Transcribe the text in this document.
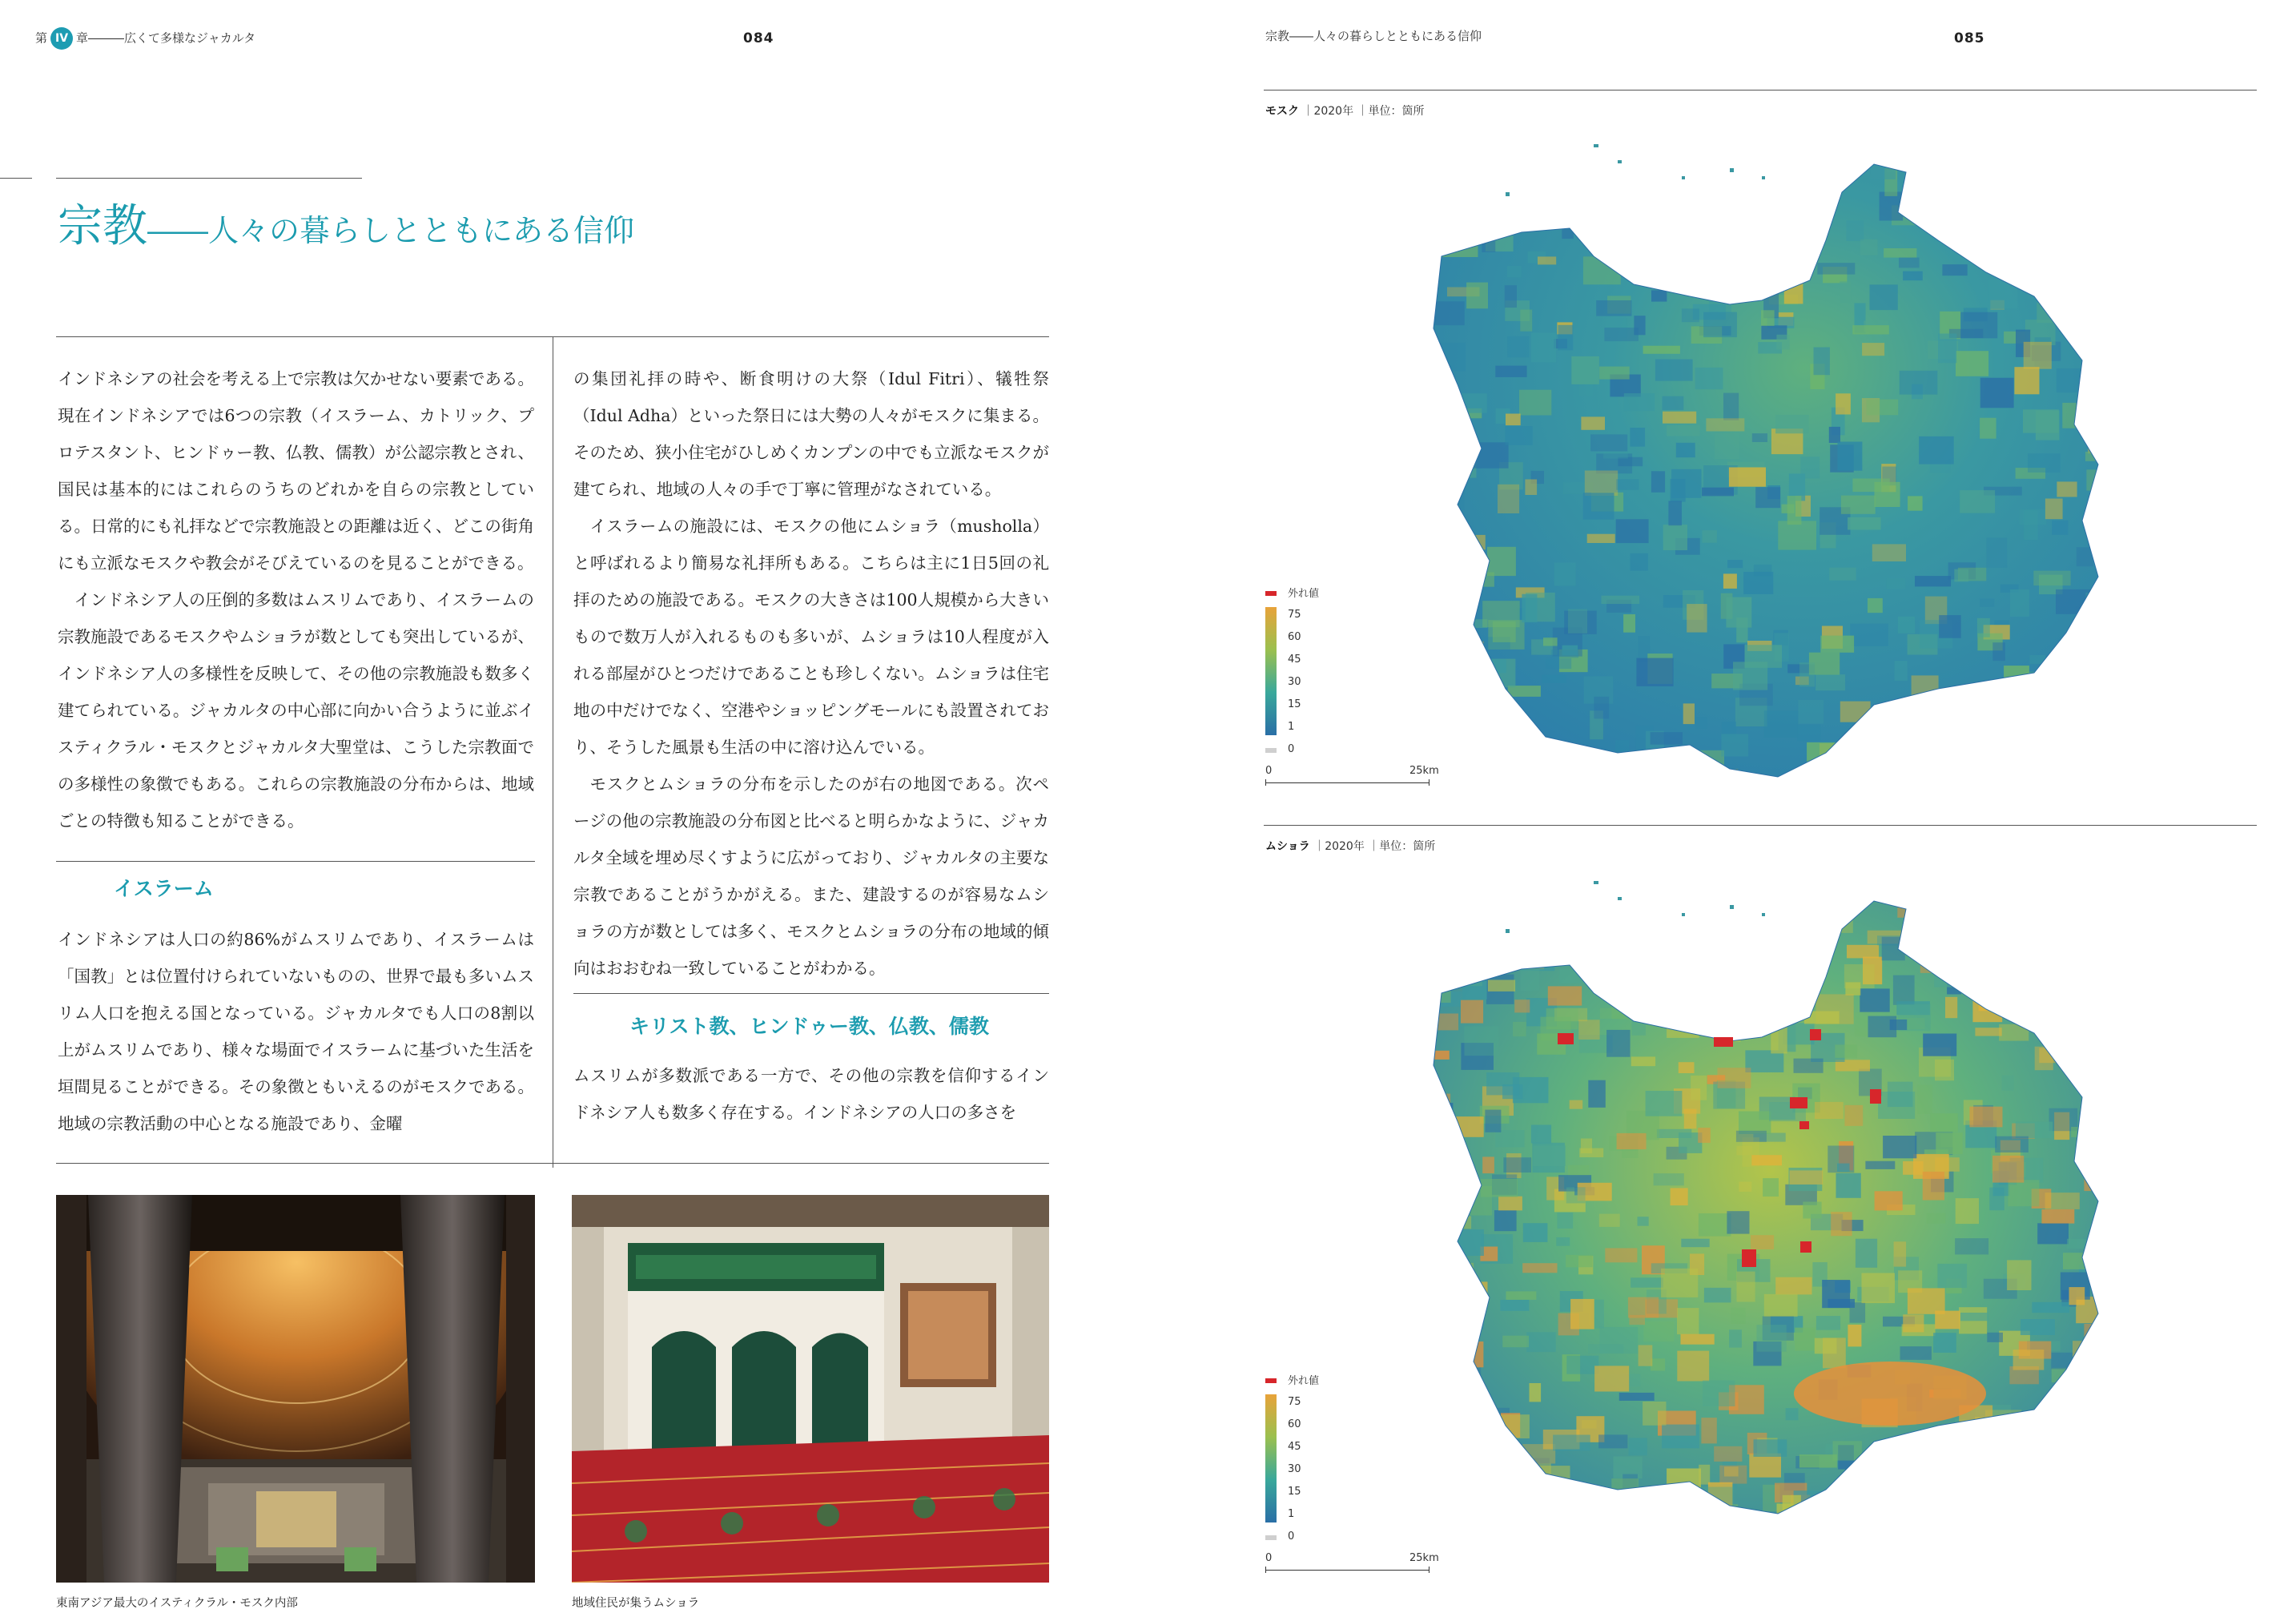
第 IV 章―――広くて多様なジャカルタ	084
宗教――人々の暮らしとともにある信仰

インドネシアの社会を考える上で宗教は欠かせない要素である。現在インドネシアでは6つの宗教（イスラーム、カトリック、プロテスタント、ヒンドゥー教、仏教、儒教）が公認宗教とされ、国民は基本的にはこれらのうちのどれかを自らの宗教としている。日常的にも礼拝などで宗教施設との距離は近く、どこの街角にも立派なモスクや教会がそびえているのを見ることができる。

インドネシア人の圧倒的多数はムスリムであり、イスラームの宗教施設であるモスクやムショラが数としても突出しているが、インドネシア人の多様性を反映して、その他の宗教施設も数多く建てられている。ジャカルタの中心部に向かい合うように並ぶイスティクラル・モスクとジャカルタ大聖堂は、こうした宗教面での多様性の象徴でもある。これらの宗教施設の分布からは、地域ごとの特徴も知ることができる。

イスラーム

インドネシアは人口の約86%がムスリムであり、イスラームは「国教」とは位置付けられていないものの、世界で最も多いムスリム人口を抱える国となっている。ジャカルタでも人口の8割以上がムスリムであり、様々な場面でイスラームに基づいた生活を垣間見ることができる。その象徴ともいえるのがモスクである。地域の宗教活動の中心となる施設であり、金曜

の集団礼拝の時や、断食明けの大祭（Idul Fitri）、犠牲祭（Idul Adha）といった祭日には大勢の人々がモスクに集まる。そのため、狭小住宅がひしめくカンプンの中でも立派なモスクが建てられ、地域の人々の手で丁寧に管理がなされている。

イスラームの施設には、モスクの他にムショラ（musholla）と呼ばれるより簡易な礼拝所もある。こちらは主に1日5回の礼拝のための施設である。モスクの大きさは100人規模から大きいもので数万人が入れるものも多いが、ムショラは10人程度が入れる部屋がひとつだけであることも珍しくない。ムショラは住宅地の中だけでなく、空港やショッピングモールにも設置されており、そうした風景も生活の中に溶け込んでいる。

モスクとムショラの分布を示したのが右の地図である。次ページの他の宗教施設の分布図と比べると明らかなように、ジャカルタ全域を埋め尽くすように広がっており、ジャカルタの主要な宗教であることがうかがえる。また、建設するのが容易なムショラの方が数としては多く、モスクとムショラの分布の地域的傾向はおおむね一致していることがわかる。

キリスト教、ヒンドゥー教、仏教、儒教

ムスリムが多数派である一方で、その他の宗教を信仰するインドネシア人も数多く存在する。インドネシアの人口の多さを

東南アジア最大のイスティクラル・モスク内部	地域住民が集うムショラ
宗教――人々の暮らしとともにある信仰	085
モスク ｜2020年 ｜単位：箇所
外れ値
75
60
45
30
15
1
0
0	25km
ムショラ ｜2020年 ｜単位：箇所
外れ値
75
60
45
30
15
1
0
0	25km
